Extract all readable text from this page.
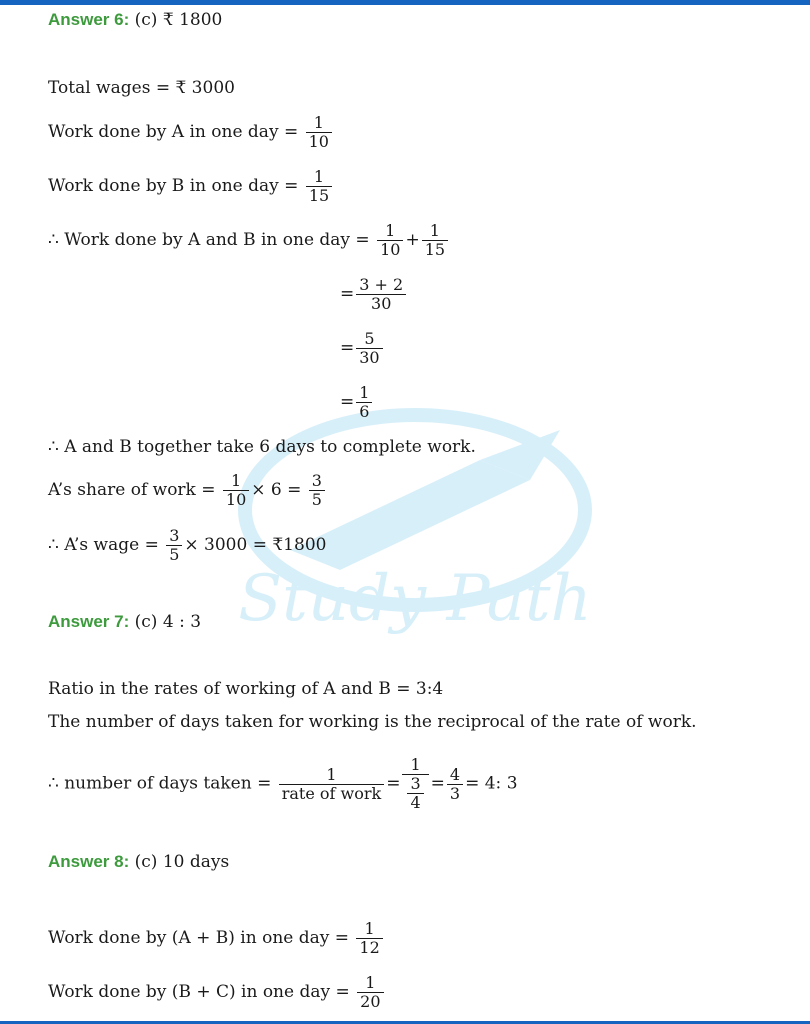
Study Path
Answer 6: (c) ₹ 1800
Total wages = ₹ 3000
Work done by A in one day = $\frac{1}{10}$
Work done by B in one day = $\frac{1}{15}$
∴ Work done by A and B in one day = $\frac{1}{10} + \frac{1}{15}$
= $\frac{3 + 2}{30}$
= $\frac{5}{30}$
= $\frac{1}{6}$
∴ A and B together take 6 days to complete work.
A’s share of work = $\frac{1}{10} \times 6 = \frac{3}{5}$
∴ A’s wage = $\frac{3}{5} \times 3000$ = ₹1800
Answer 7: (c) 4 : 3
Ratio in the rates of working of A and B = 3:4
The number of days taken for working is the reciprocal of the rate of work.
∴ number of days taken = $\frac{1}{\text{rate of work}} = \frac{1}{\frac{3}{4}} = \frac{4}{3} = 4$: 3
Answer 8: (c) 10 days
Work done by (A + B) in one day = $\frac{1}{12}$
Work done by (B + C) in one day = $\frac{1}{20}$
